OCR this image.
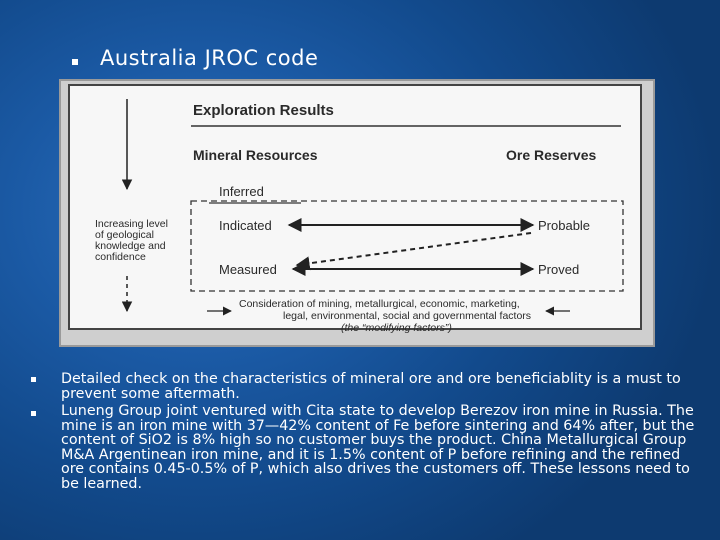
Australia JROC code
Exploration Results
Mineral Resources	Ore Reserves
Increasing level
of geological
knowledge and
confidence
Inferred
Indicated	Probable
Measured	Proved
Consideration of mining, metallurgical, economic, marketing,
legal, environmental, social and governmental factors
(the “modifying factors”)
Detailed check on the characteristics of mineral ore and ore beneficiablity is a must to prevent some aftermath.
Luneng Group joint ventured with Cita state to develop Berezov iron mine in Russia. The mine is an iron mine with 37—42% content of Fe before sintering and 64% after, but the content of SiO2 is 8% high so no customer buys the product. China Metallurgical Group M&A Argentinean iron mine, and it is 1.5% content of P before refining and the refined ore contains 0.45-0.5% of P, which also drives the customers off. These lessons need to be learned.
